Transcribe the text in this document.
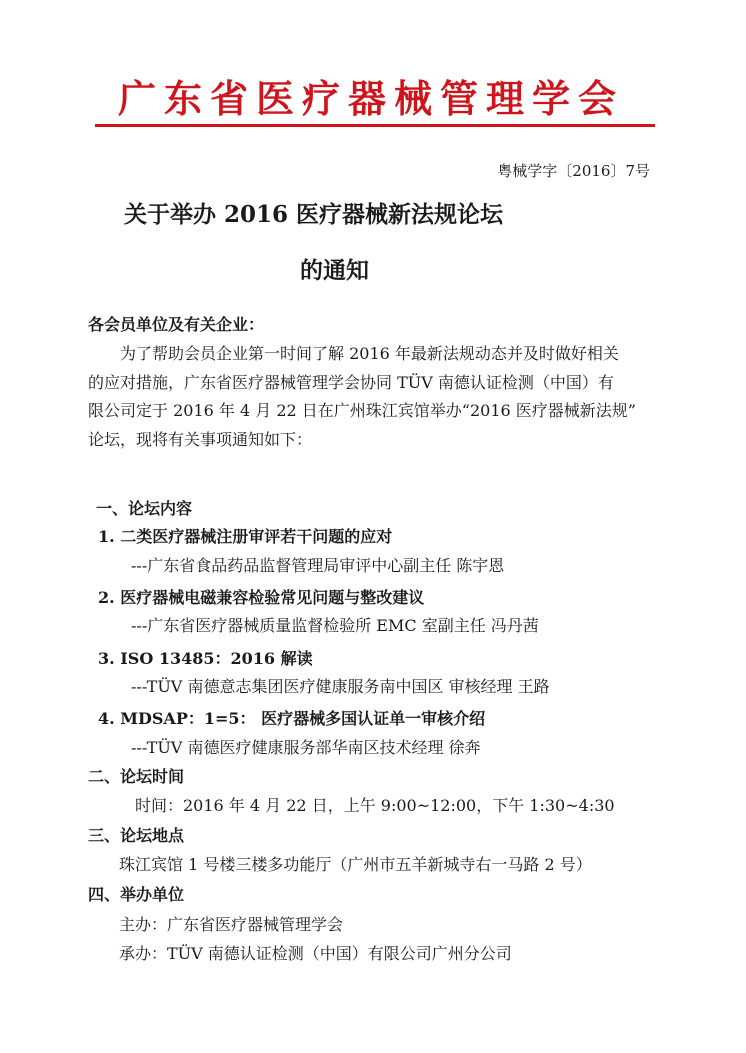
广东省医疗器械管理学会
粤械学字〔2016〕7号
关于举办 2016 医疗器械新法规论坛
的通知
各会员单位及有关企业：
为了帮助会员企业第一时间了解 2016 年最新法规动态并及时做好相关
的应对措施，广东省医疗器械管理学会协同 TÜV 南德认证检测（中国）有
限公司定于 2016 年 4 月 22 日在广州珠江宾馆举办“2016 医疗器械新法规”
论坛，现将有关事项通知如下：
一、论坛内容
1. 二类医疗器械注册审评若干问题的应对
---广东省食品药品监督管理局审评中心副主任 陈宇恩
2. 医疗器械电磁兼容检验常见问题与整改建议
---广东省医疗器械质量监督检验所 EMC 室副主任 冯丹茜
3. ISO 13485：2016 解读
---TÜV 南德意志集团医疗健康服务南中国区 审核经理 王路
4. MDSAP：1=5： 医疗器械多国认证单一审核介绍
---TÜV 南德医疗健康服务部华南区技术经理 徐奔
二、论坛时间
时间：2016 年 4 月 22 日，上午 9:00~12:00，下午 1:30~4:30
三、论坛地点
珠江宾馆 1 号楼三楼多功能厅（广州市五羊新城寺右一马路 2 号）
四、举办单位
主办：广东省医疗器械管理学会
承办：TÜV 南德认证检测（中国）有限公司广州分公司
